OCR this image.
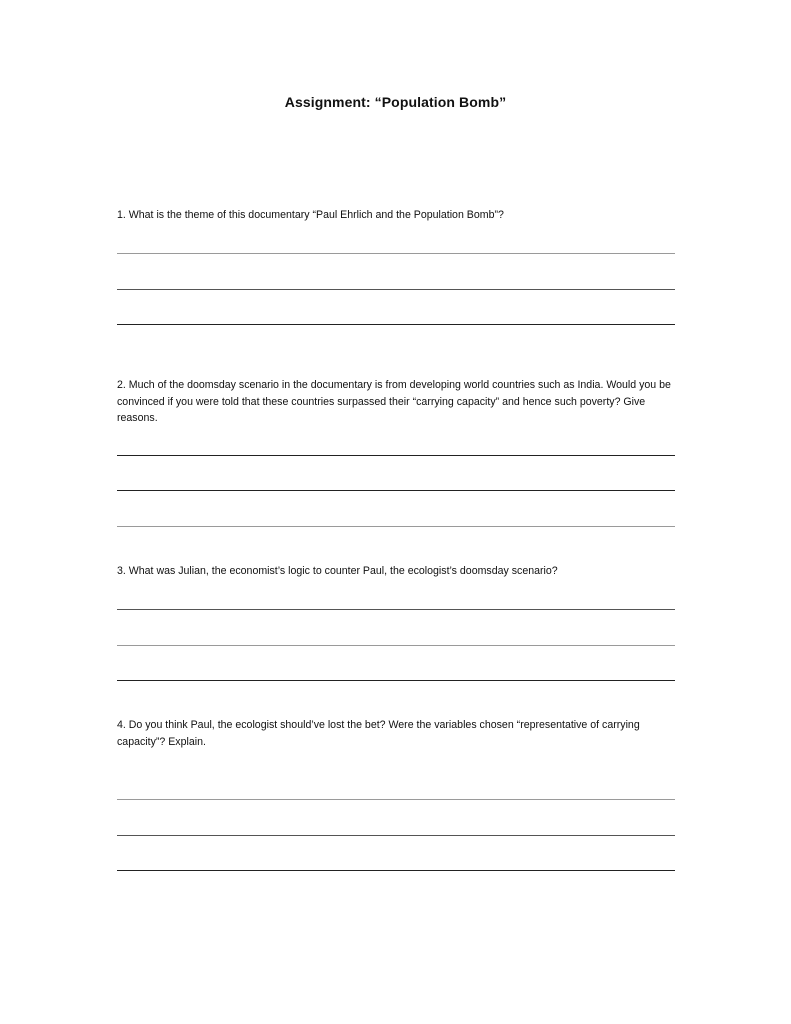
Assignment: “Population Bomb”
1. What is the theme of this documentary “Paul Ehrlich and the Population Bomb”?
2. Much of the doomsday scenario in the documentary is from developing world countries such as India. Would you be convinced if you were told that these countries surpassed their “carrying capacity” and hence such poverty? Give reasons.
3. What was Julian, the economist’s logic to counter Paul, the ecologist’s doomsday scenario?
4. Do you think Paul, the ecologist should’ve lost the bet? Were the variables chosen “representative of carrying capacity”? Explain.
